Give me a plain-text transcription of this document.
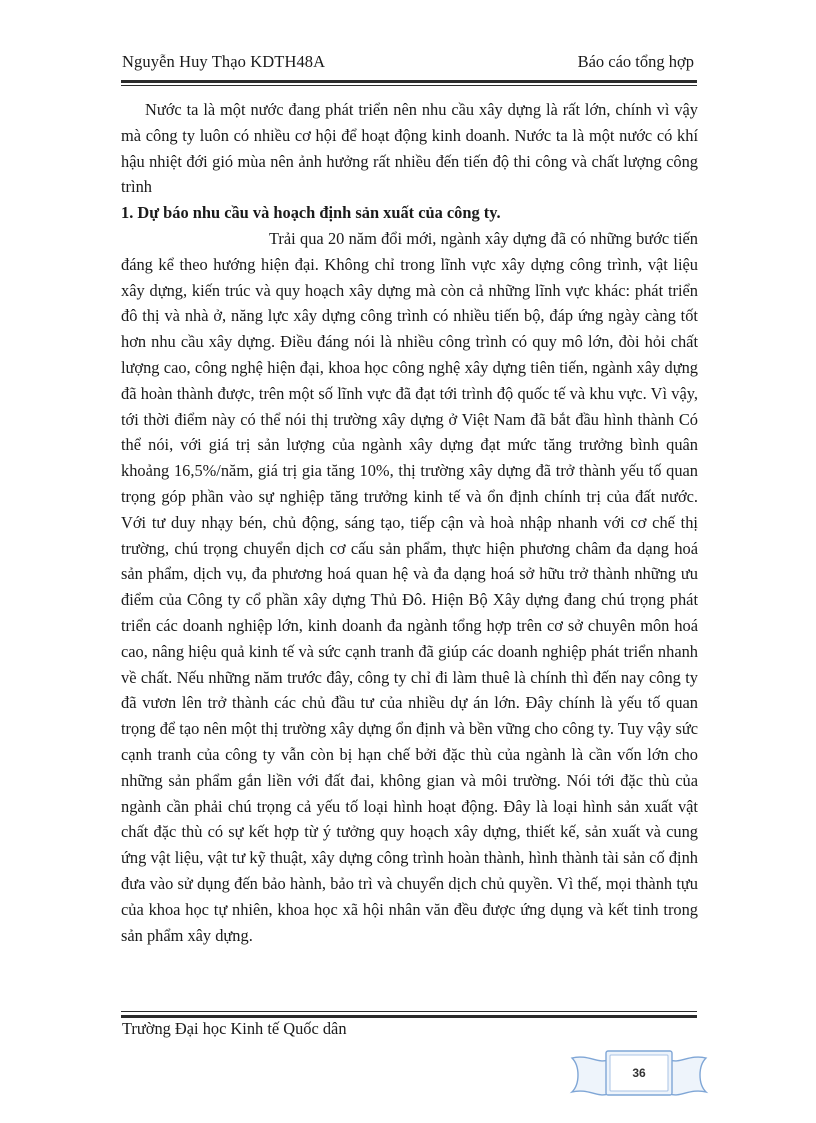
Nguyễn Huy Thạo KDTH48A	Báo cáo tổng hợp

Nước ta là một nước đang phát triển nên nhu cầu xây dựng là rất lớn, chính vì vậy mà công ty luôn có nhiều cơ hội để hoạt động kinh doanh. Nước ta là một nước có khí hậu nhiệt đới gió mùa nên ảnh hưởng rất nhiều đến tiến độ thi công và chất lượng công trình

1. Dự báo nhu cầu và hoạch định sản xuất của công ty.

Trải qua 20 năm đổi mới, ngành xây dựng đã có những bước tiến đáng kể theo hướng hiện đại. Không chỉ trong lĩnh vực xây dựng công trình, vật liệu xây dựng, kiến trúc và quy hoạch xây dựng mà còn cả những lĩnh vực khác: phát triển đô thị và nhà ở, năng lực xây dựng công trình có nhiều tiến bộ, đáp ứng ngày càng tốt hơn nhu cầu xây dựng. Điều đáng nói là nhiều công trình có quy mô lớn, đòi hỏi chất lượng cao, công nghệ hiện đại, khoa học công nghệ xây dựng tiên tiến, ngành xây dựng đã hoàn thành được, trên một số lĩnh vực đã đạt tới trình độ quốc tế và khu vực. Vì vậy, tới thời điểm này có thể nói thị trường xây dựng ở Việt Nam đã bắt đầu hình thành Có thể nói, với giá trị sản lượng của ngành xây dựng đạt mức tăng trưởng bình quân khoảng 16,5%/năm, giá trị gia tăng 10%, thị trường xây dựng đã trở thành yếu tố quan trọng góp phần vào sự nghiệp tăng trưởng kinh tế và ổn định chính trị của đất nước. Với tư duy nhạy bén, chủ động, sáng tạo, tiếp cận và hoà nhập nhanh với cơ chế thị trường, chú trọng chuyển dịch cơ cấu sản phẩm, thực hiện phương châm đa dạng hoá sản phẩm, dịch vụ, đa phương hoá quan hệ và đa dạng hoá sở hữu trở thành những ưu điểm của Công ty cổ phần xây dựng Thủ Đô. Hiện Bộ Xây dựng đang chú trọng phát triển các doanh nghiệp lớn, kinh doanh đa ngành tổng hợp trên cơ sở chuyên môn hoá cao, nâng hiệu quả kinh tế và sức cạnh tranh đã giúp các doanh nghiệp phát triển nhanh về chất. Nếu những năm trước đây, công ty chỉ đi làm thuê là chính thì đến nay công ty đã vươn lên trở thành các chủ đầu tư của nhiều dự án lớn. Đây chính là yếu tố quan trọng để tạo nên một thị trường xây dựng ổn định và bền vững cho công ty. Tuy vậy sức cạnh tranh của công ty vẫn còn bị hạn chế bởi đặc thù của ngành là cần vốn lớn cho những sản phẩm gắn liền với đất đai, không gian và môi trường. Nói tới đặc thù của ngành cần phải chú trọng cả yếu tố loại hình hoạt động. Đây là loại hình sản xuất vật chất đặc thù có sự kết hợp từ ý tưởng quy hoạch xây dựng, thiết kế, sản xuất và cung ứng vật liệu, vật tư kỹ thuật, xây dựng công trình hoàn thành, hình thành tài sản cố định đưa vào sử dụng đến bảo hành, bảo trì và chuyển dịch chủ quyền. Vì thế, mọi thành tựu của khoa học tự nhiên, khoa học xã hội nhân văn đều được ứng dụng và kết tinh trong sản phẩm xây dựng.

Trường Đại học Kinh tế Quốc dân
36
